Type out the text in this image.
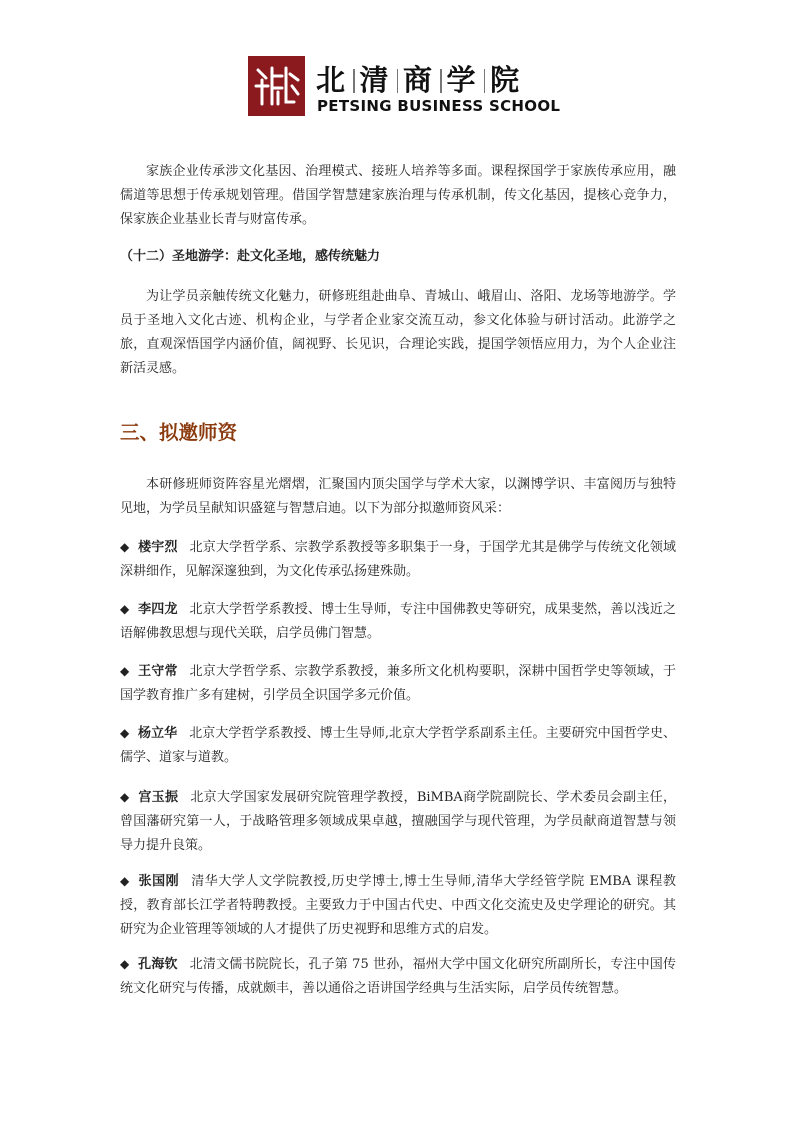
北 清 商 学 院
PETSING BUSINESS SCHOOL

家族企业传承涉文化基因、治理模式、接班人培养等多面。课程探国学于家族传承应用，融儒道等思想于传承规划管理。借国学智慧建家族治理与传承机制，传文化基因，提核心竞争力，保家族企业基业长青与财富传承。

（十二）圣地游学：赴文化圣地，感传统魅力

为让学员亲触传统文化魅力，研修班组赴曲阜、青城山、峨眉山、洛阳、龙场等地游学。学员于圣地入文化古迹、机构企业，与学者企业家交流互动，参文化体验与研讨活动。此游学之旅，直观深悟国学内涵价值，阔视野、长见识，合理论实践，提国学领悟应用力，为个人企业注新活灵感。

三、拟邀师资

本研修班师资阵容星光熠熠，汇聚国内顶尖国学与学术大家，以渊博学识、丰富阅历与独特见地，为学员呈献知识盛筵与智慧启迪。以下为部分拟邀师资风采：

◆ 楼宇烈 北京大学哲学系、宗教学系教授等多职集于一身，于国学尤其是佛学与传统文化领域深耕细作，见解深邃独到，为文化传承弘扬建殊勋。

◆ 李四龙 北京大学哲学系教授、博士生导师，专注中国佛教史等研究，成果斐然，善以浅近之语解佛教思想与现代关联，启学员佛门智慧。

◆ 王守常 北京大学哲学系、宗教学系教授，兼多所文化机构要职，深耕中国哲学史等领域，于国学教育推广多有建树，引学员全识国学多元价值。

◆ 杨立华 北京大学哲学系教授、博士生导师,北京大学哲学系副系主任。主要研究中国哲学史、儒学、道家与道教。

◆ 宫玉振 北京大学国家发展研究院管理学教授，BiMBA商学院副院长、学术委员会副主任，曾国藩研究第一人，于战略管理多领域成果卓越，擅融国学与现代管理，为学员献商道智慧与领导力提升良策。

◆ 张国刚 清华大学人文学院教授,历史学博士,博士生导师,清华大学经管学院 EMBA 课程教授，教育部长江学者特聘教授。主要致力于中国古代史、中西文化交流史及史学理论的研究。其研究为企业管理等领域的人才提供了历史视野和思维方式的启发。

◆ 孔海钦 北清文儒书院院长，孔子第 75 世孙，福州大学中国文化研究所副所长，专注中国传统文化研究与传播，成就颇丰，善以通俗之语讲国学经典与生活实际，启学员传统智慧。
